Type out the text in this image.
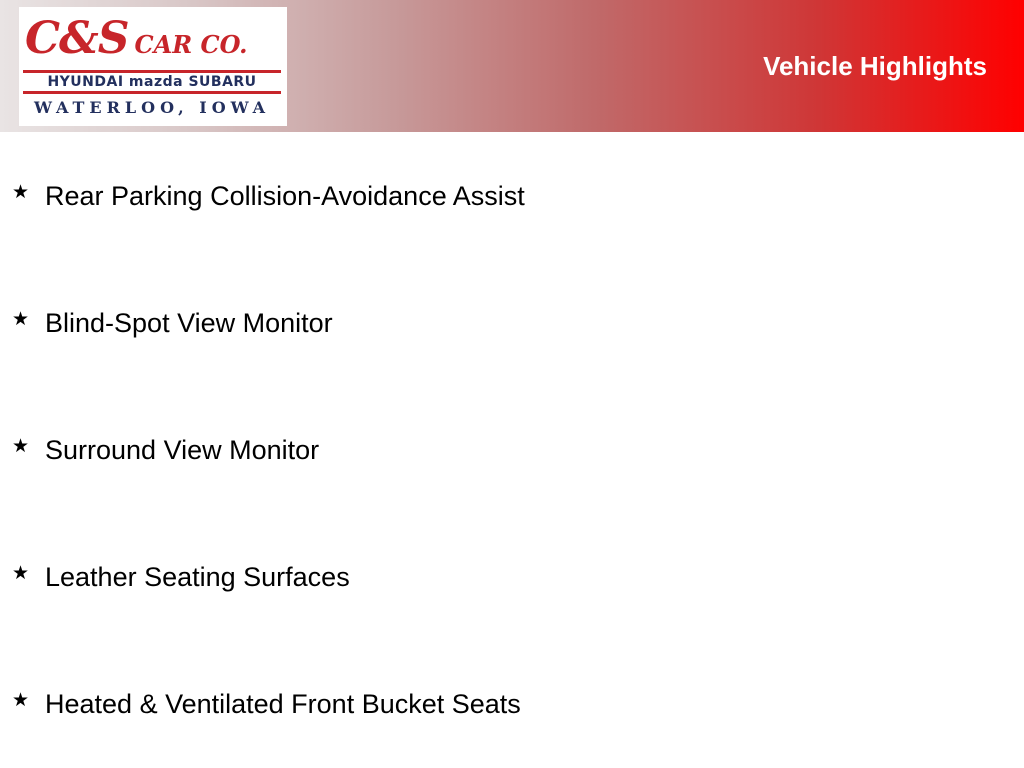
C&S CAR CO.
HYUNDAI mazda SUBARU
WATERLOO, IOWA
Vehicle Highlights
★ Rear Parking Collision-Avoidance Assist
★ Blind-Spot View Monitor
★ Surround View Monitor
★ Leather Seating Surfaces
★ Heated & Ventilated Front Bucket Seats
